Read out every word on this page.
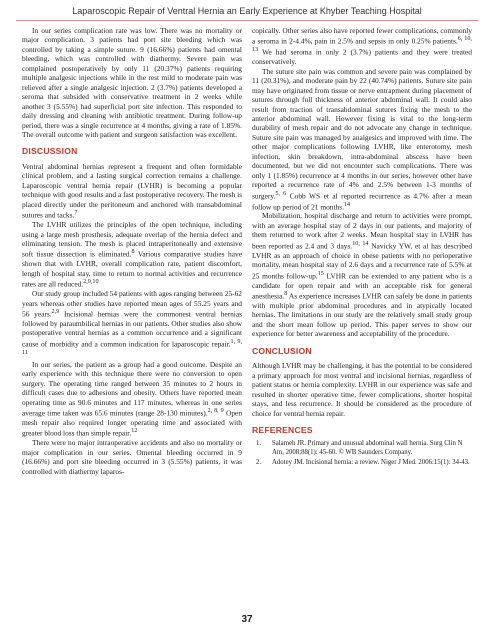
Laparoscopic Repair of Ventral Hernia an Early Experience at Khyber Teaching Hospital

In our series complication rate was low. There was no mortality or major complication. 3 patients had port site bleeding which was controlled by taking a simple suture. 9 (16.66%) patients had omental bleeding, which was controlled with diathermy. Severe pain was complained postoperatively by only 11 (20.37%) patients requiring multiple analgesic injections while in the rest mild to moderate pain was relieved after a single analgesic injection. 2 (3.7%) patients developed a seroma that subsided with conservative treatment in 2 weeks while another 3 (5.55%) had superficial port site infection. This responded to daily dressing and cleaning with antibiotic treatment. During follow-up period, there was a single recurrence at 4 months, giving a rate of 1.85%. The overall outcome with patient and surgeon satisfaction was excellent.

DISCUSSION

Ventral abdominal hernias represent a frequent and often formidable clinical problem, and a lasting surgical correction remains a challenge. Laparoscopic ventral hernia repair (LVHR) is becoming a popular technique with good results and a fast postoperative recovery. The mesh is placed directly under the peritoneum and anchored with transabdominal sutures and tacks.$^7$

The LVHR utilizes the principles of the open technique, including using a large mesh prosthesis, adequate overlap of the hernia defect and eliminating tension. The mesh is placed intraperitoneally and extensive soft tissue dissection is eliminated.$^8$ Various comparative studies have shown that with LVHR, overall complication rate, patient discomfort, length of hospital stay, time to return to normal activities and recurrence rates are all reduced.$^{2,9,10}$

Our study group included 54 patients with ages ranging between 25-62 years whereas other studies have reported mean ages of 55.25 years and 56 years.$^{2,9}$ Incisional hernias were the commonest ventral hernias followed by paraumbilical hernias in our patients. Other studies also show postoperative ventral hernias as a common occurrence and a significant cause of morbidity and a common indication for laparoscopic repair.$^{1, 9, 11}$

In our series, the patient as a group had a good outcome. Despite an early experience with this technique there were no conversion to open surgery. The operating time ranged between 35 minutes to 2 hours in difficult cases due to adhesions and obesity. Others have reported mean operating time as 90.6 minutes and 117 minutes, whereas in one series average time taken was 65.6 minutes (range 28-130 minutes).$^{2, 8, 9}$ Open mesh repair also required longer operating time and associated with greater blood loss than simple repair.$^{12}$

There were no major intraoperative accidents and also no mortality or major complication in our series. Omental bleeding occurred in 9 (16.66%) and port site bleeding occurred in 3 (5.55%) patients, it was controlled with diathermy laparos-

copically. Other series also have reported fewer complications, commonly a seroma in 2-4.4%, pain in 2.5% and sepsis in only 0.25% patients.$^{6, 10, 13}$ We had seroma in only 2 (3.7%) patients and they were treated conservatively.

The suture site pain was common and severe pain was complained by 11 (20.31%), and moderate pain by 22 (40.74%) patients. Suture site pain may have originated from tissue or nerve entrapment during placement of sutures through full thickness of anterior abdominal wall. It could also result from traction of transabdominal sutures fixing the mesh to the anterior abdominal wall. However fixing is vital to the long-term durability of mesh repair and do not advocate any change in technique. Suture site pain was managed by analgesics and improved with time. The other major complications following LVHR, like enterotomy, mesh infection, skin breakdown, intra-abdominal abscess have been documented, but we did not encounter such complications. There was only 1 (1.85%) recurrence at 4 months in our series, however other have reported a recurrence rate of 4% and 2.5% between 1-3 months of surgery.$^{5, 6}$ Cobb WS et al reported recurrence as 4.7% after a mean follow up period of 21 months.$^{14}$

Mobilization, hospital discharge and return to activities were prompt, with an average hospital stay of 2 days in our patients, and majority of them returned to work after 2 weeks. Mean hospital stay in LVHR has been reported as 2.4 and 3 days.$^{10, 14}$ Navicky YW, et al has described LVHR as an approach of choice in obese patients with no perioperative mortality, mean hospital stay of 2.6 days and a recurrence rate of 5.5% at 25 months follow-up.$^{15}$ LVHR can be extended to any patient who is a candidate for open repair and with an acceptable risk for general anesthesia.$^8$ As experience increases LVHR can safely be done in patients with multiple prior abdominal procedures and in atypically located hernias. The limitations in our study are the relatively small study group and the short mean follow up period. This paper serves to show our experience for better awareness and acceptability of the procedure.

CONCLUSION

Although LVHR may be challenging, it has the potential to be considered a primary approach for most ventral and incisional hernias, regardless of patient status or hernia complexity. LVHR in our experience was safe and resulted in shorter operative time, fewer complications, shorter hospital stays, and less recurrence. It should be considered as the procedure of choice for ventral hernia repair.

REFERENCES
1.	Salameh JR. Primary and unusual abdominal wall hernia. Surg Clin N Am, 2008;88(1): 45-60. © WB Saunders Company.
2.	Adotey JM. Incisional hernia: a review. Niger J Med. 2006:15(1): 34-43.
37
